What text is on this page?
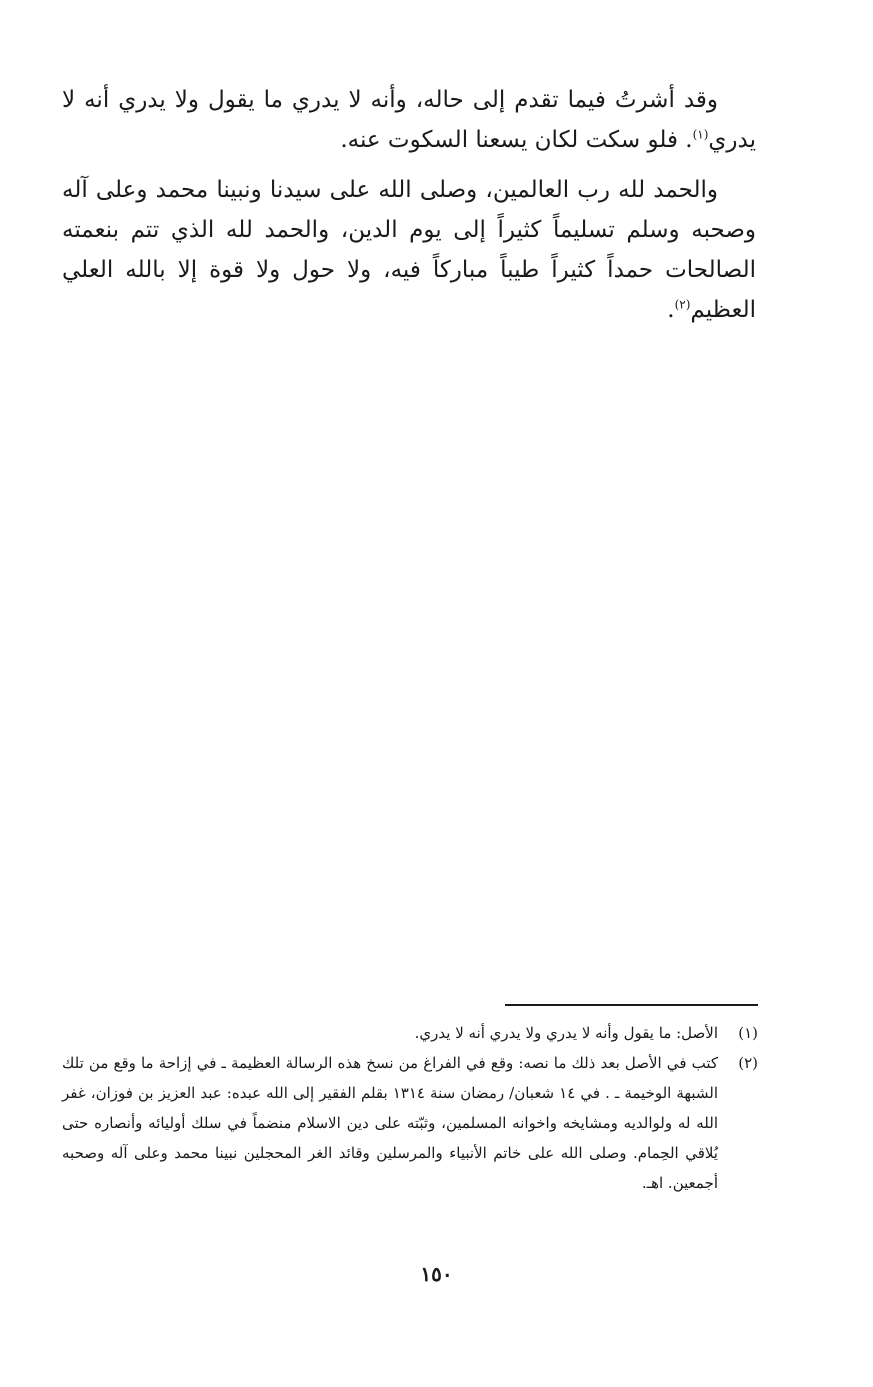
وقد أشرتُ فيما تقدم إلى حاله، وأنه لا يدري ما يقول ولا يدري أنه لا يدري$^{(١)}$. فلو سكت لكان يسعنا السكوت عنه.

والحمد لله رب العالمين، وصلى الله على سيدنا ونبينا محمد وعلى آله وصحبه وسلم تسليماً كثيراً إلى يوم الدين، والحمد لله الذي تتم بنعمته الصالحات حمداً كثيراً طيباً مباركاً فيه، ولا حول ولا قوة إلا بالله العلي العظيم$^{(٢)}$.

(١)
الأصل: ما يقول وأنه لا يدري ولا يدري أنه لا يدري.
(٢)
كتب في الأصل بعد ذلك ما نصه: وقع في الفراغ من نسخ هذه الرسالة العظيمة ـ في إزاحة ما وقع من تلك الشبهة الوخيمة ـ . في ١٤ شعبان/ رمضان سنة ١٣١٤ بقلم الفقير إلى الله عبده: عبد العزيز بن فوزان، غفر الله له ولوالديه ومشايخه واخوانه المسلمين، وثبّته على دين الاسلام منضماً في سلك أوليائه وأنصاره حتى يُلاقي الحِمام. وصلى الله على خاتم الأنبياء والمرسلين وقائد الغر المحجلين نبينا محمد وعلى آله وصحبه أجمعين. اهـ.
١٥٠
